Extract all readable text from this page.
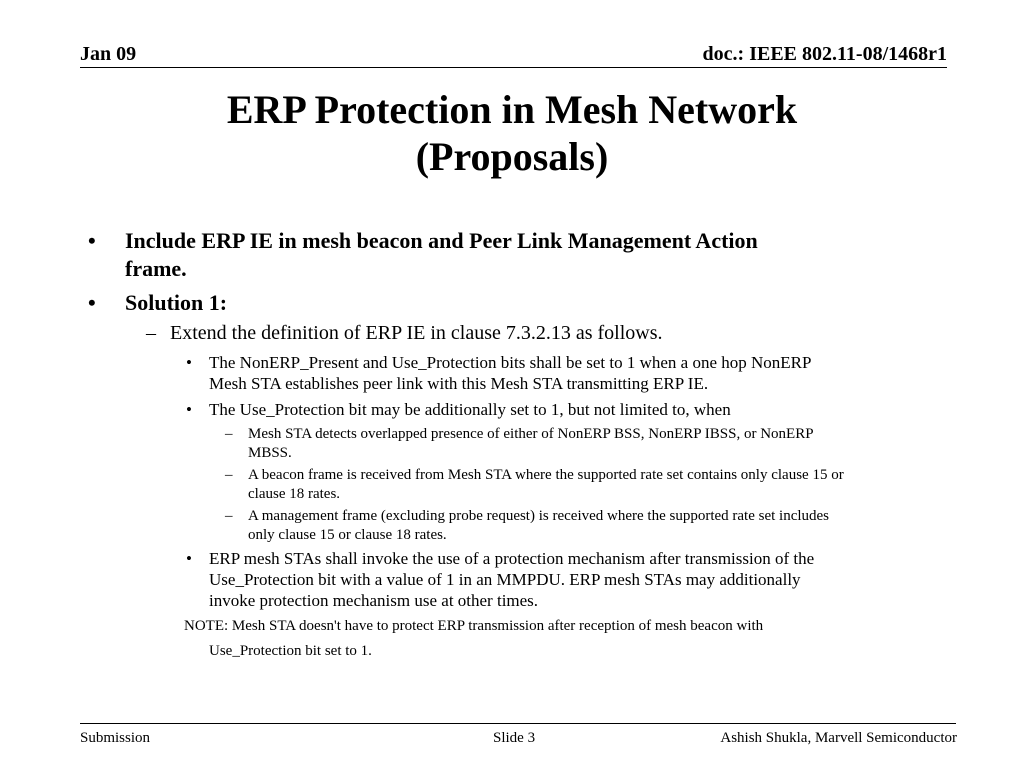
Jan 09	doc.: IEEE 802.11-08/1468r1
ERP Protection in Mesh Network
(Proposals)
• Include ERP IE in mesh beacon and Peer Link Management Action
frame.
• Solution 1:
– Extend the definition of ERP IE in clause 7.3.2.13 as follows.
• The NonERP_Present and Use_Protection bits shall be set to 1 when a one hop NonERP
Mesh STA establishes peer link with this Mesh STA transmitting ERP IE.
• The Use_Protection bit may be additionally set to 1, but not limited to, when
– Mesh STA detects overlapped presence of either of NonERP BSS, NonERP IBSS, or NonERP
MBSS.
– A beacon frame is received from Mesh STA where the supported rate set contains only clause 15 or
clause 18 rates.
– A management frame (excluding probe request) is received where the supported rate set includes
only clause 15 or clause 18 rates.
• ERP mesh STAs shall invoke the use of a protection mechanism after transmission of the
Use_Protection bit with a value of 1 in an MMPDU. ERP mesh STAs may additionally
invoke protection mechanism use at other times.
NOTE: Mesh STA doesn't have to protect ERP transmission after reception of mesh beacon with
Use_Protection bit set to 1.
Submission	Slide 3	Ashish Shukla, Marvell Semiconductor
